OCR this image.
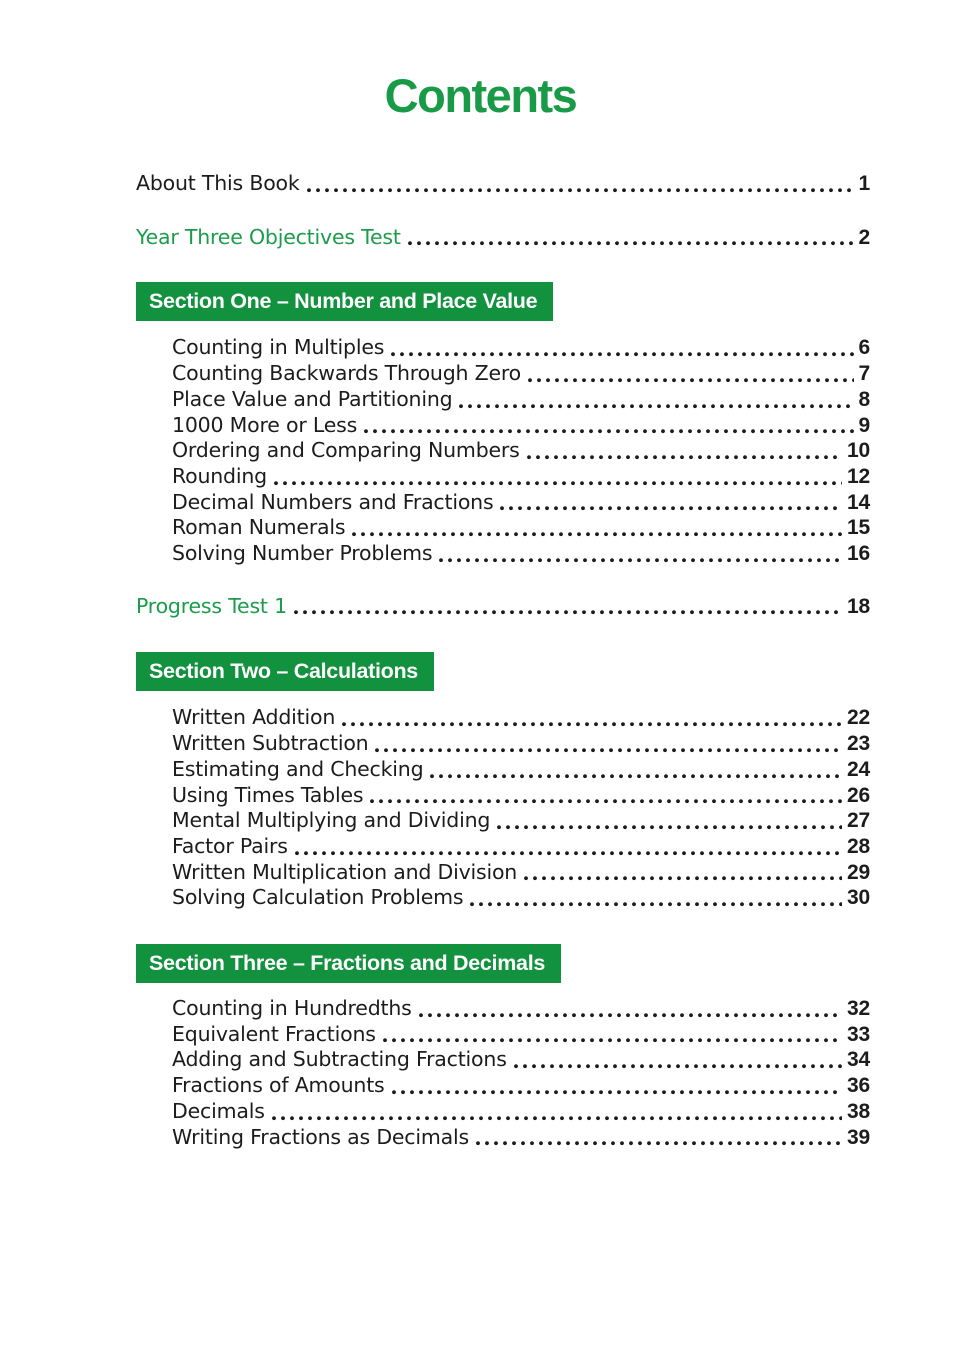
Contents
About This Book	1
Year Three Objectives Test	2
Section One – Number and Place Value
Counting in Multiples	6
Counting Backwards Through Zero	7
Place Value and Partitioning	8
1000 More or Less	9
Ordering and Comparing Numbers	10
Rounding	12
Decimal Numbers and Fractions	14
Roman Numerals	15
Solving Number Problems	16
Progress Test 1	18
Section Two – Calculations
Written Addition	22
Written Subtraction	23
Estimating and Checking	24
Using Times Tables	26
Mental Multiplying and Dividing	27
Factor Pairs	28
Written Multiplication and Division	29
Solving Calculation Problems	30
Section Three – Fractions and Decimals
Counting in Hundredths	32
Equivalent Fractions	33
Adding and Subtracting Fractions	34
Fractions of Amounts	36
Decimals	38
Writing Fractions as Decimals	39
